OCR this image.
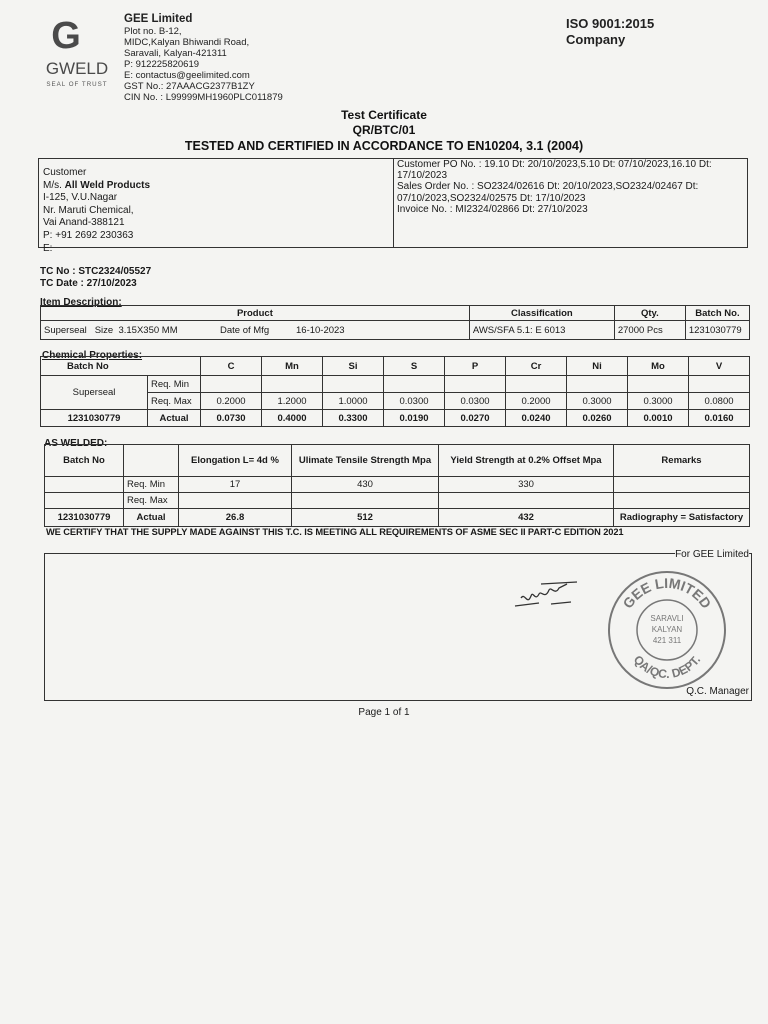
G
GWELD
SEAL OF TRUST
GEE Limited
Plot no. B-12,
MIDC,Kalyan Bhiwandi Road,
Saravali, Kalyan-421311
P: 912225820619
E: contactus@geelimited.com
GST No.: 27AAACG2377B1ZY
CIN No. : L99999MH1960PLC011879
ISO 9001:2015
Company
Test Certificate
QR/BTC/01
TESTED AND CERTIFIED IN ACCORDANCE TO EN10204, 3.1 (2004)
Customer
M/s. All Weld Products
I-125, V.U.Nagar
Nr. Maruti Chemical,
Vai Anand-388121
P: +91 2692 230363
E:
Customer PO No. : 19.10 Dt: 20/10/2023,5.10 Dt: 07/10/2023,16.10 Dt:
17/10/2023
Sales Order No. : SO2324/02616 Dt: 20/10/2023,SO2324/02467 Dt:
07/10/2023,SO2324/02575 Dt: 17/10/2023
Invoice No. : MI2324/02866 Dt: 27/10/2023
TC No : STC2324/05527
TC Date : 27/10/2023
Item Description:
Product			Classification	Qty.	Batch No.
Superseal Size 3.15X350 MM	Date of Mfg	16-10-2023	AWS/SFA 5.1: E 6013	27000 Pcs	1231030779
Chemical Properties:
Batch No		C	Mn	Si	S	P	Cr	Ni	Mo	V
Superseal	Req. Min									
	Req. Max	0.2000	1.2000	1.0000	0.0300	0.0300	0.2000	0.3000	0.3000	0.0800
1231030779	Actual	0.0730	0.4000	0.3300	0.0190	0.0270	0.0240	0.0260	0.0010	0.0160
AS WELDED:
Batch No		Elongation L= 4d %	Ulimate Tensile Strength Mpa	Yield Strength at 0.2% Offset Mpa	Remarks
	Req. Min	17	430	330	
	Req. Max				
1231030779	Actual	26.8	512	432	Radiography = Satisfactory
WE CERTIFY THAT THE SUPPLY MADE AGAINST THIS T.C. IS MEETING ALL REQUIREMENTS OF ASME SEC II PART-C EDITION 2021
For GEE Limited
Q.C. Manager
GEE LIMITED
QA/QC. DEPT.
SARAVLI
KALYAN
421 311
Page 1 of 1
